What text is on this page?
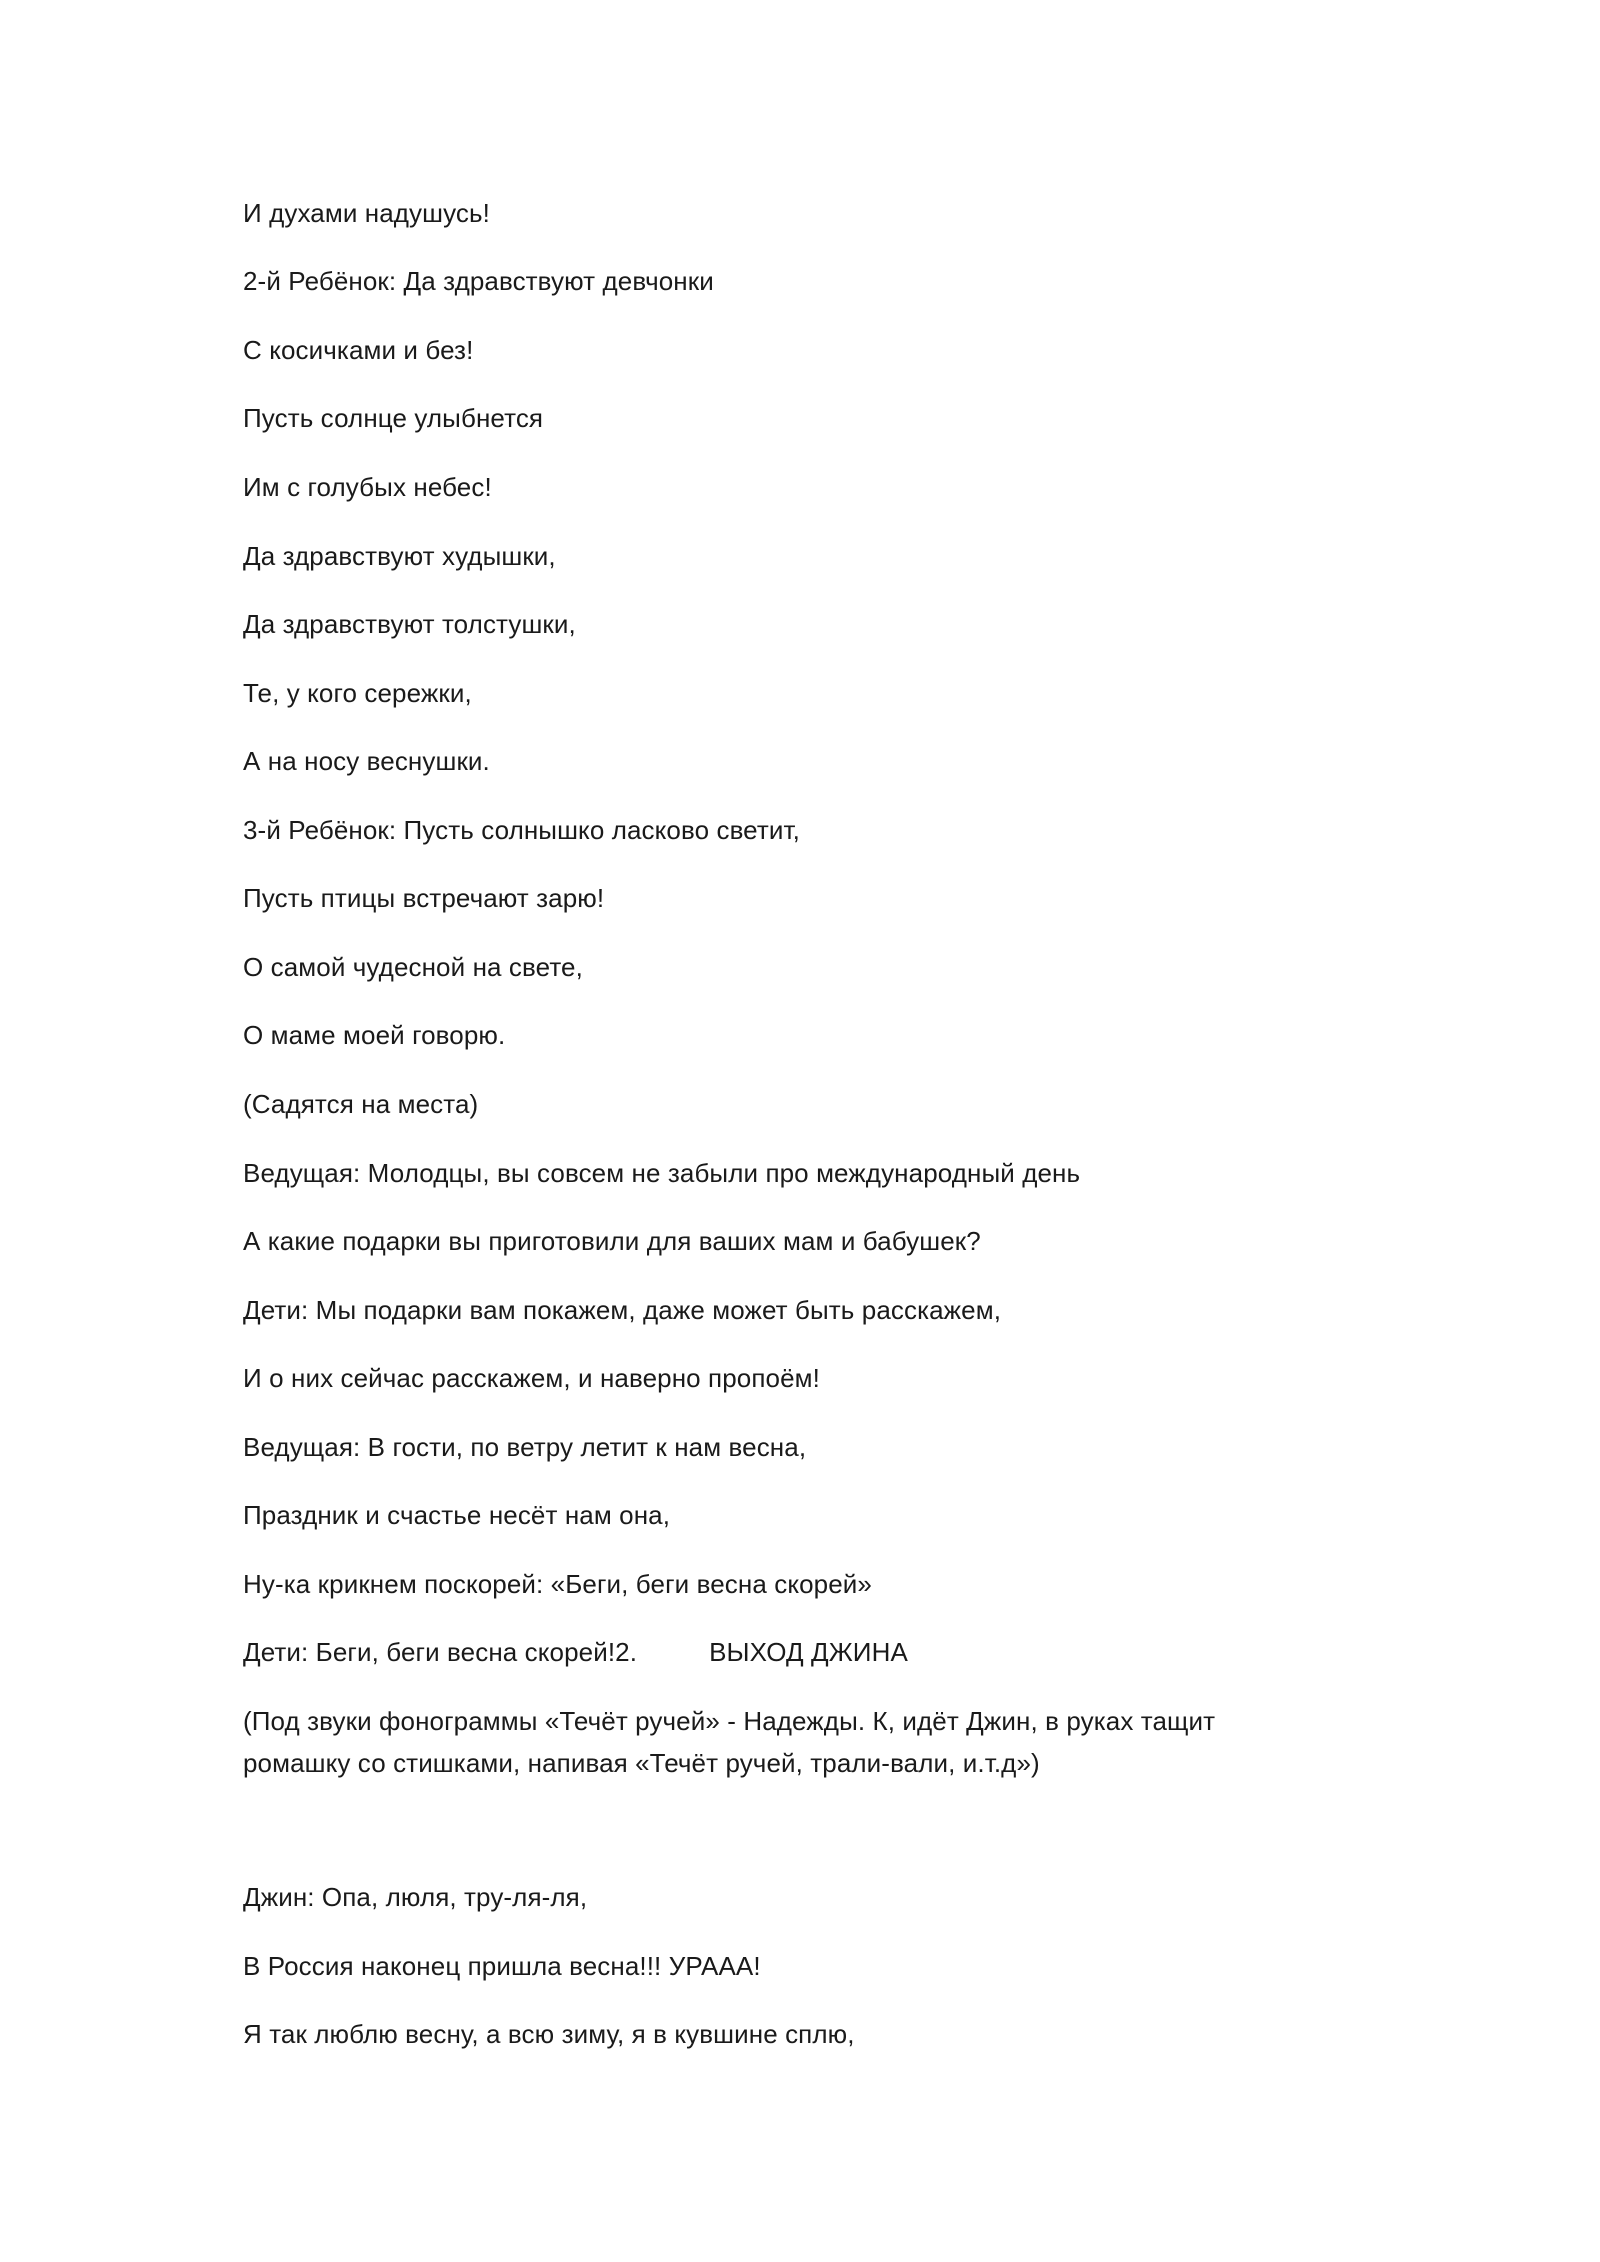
И духами надушусь!
2-й Ребёнок: Да здравствуют девчонки
С косичками и без!
Пусть солнце улыбнется
Им с голубых небес!
Да здравствуют худышки,
Да здравствуют толстушки,
Те, у кого сережки,
А на носу веснушки.
3-й Ребёнок: Пусть солнышко ласково светит,
Пусть птицы встречают зарю!
О самой чудесной на свете,
О маме моей говорю.
(Садятся на места)
Ведущая: Молодцы, вы совсем не забыли про международный день
А какие подарки вы приготовили для ваших мам и бабушек?
Дети: Мы подарки вам покажем, даже может быть расскажем,
И о них сейчас расскажем, и наверно пропоём!
Ведущая: В гости, по ветру летит к нам весна,
Праздник и счастье несёт нам она,
Ну-ка крикнем поскорей: «Беги, беги весна скорей»
Дети: Беги, беги весна скорей!2.	ВЫХОД ДЖИНА
(Под звуки фонограммы «Течёт ручей» - Надежды. К, идёт Джин, в руках тащит
ромашку со стишками, напивая «Течёт ручей, трали-вали, и.т.д»)
Джин: Опа, люля, тру-ля-ля,
В Россия наконец пришла весна!!! УРААА!
Я так люблю весну, а всю зиму, я в кувшине сплю,
